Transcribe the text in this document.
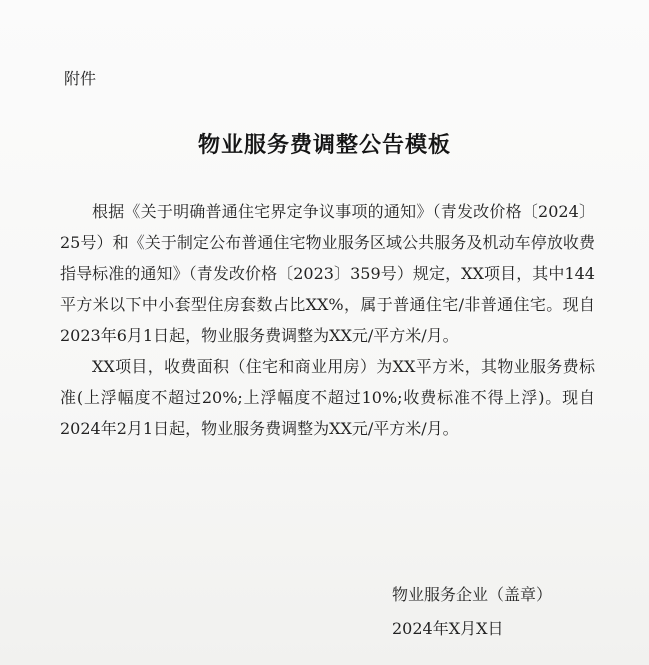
附件
物业服务费调整公告模板

根据《关于明确普通住宅界定争议事项的通知》（青发改价格〔2024〕25号）和《关于制定公布普通住宅物业服务区域公共服务及机动车停放收费指导标准的通知》（青发改价格〔2023〕359号）规定，XX项目，其中144平方米以下中小套型住房套数占比XX%，属于普通住宅/非普通住宅。现自2023年6月1日起，物业服务费调整为XX元/平方米/月。

XX项目，收费面积（住宅和商业用房）为XX平方米，其物业服务费标准(上浮幅度不超过20%;上浮幅度不超过10%;收费标准不得上浮)。现自2024年2月1日起，物业服务费调整为XX元/平方米/月。

物业服务企业（盖章）
2024年X月X日
